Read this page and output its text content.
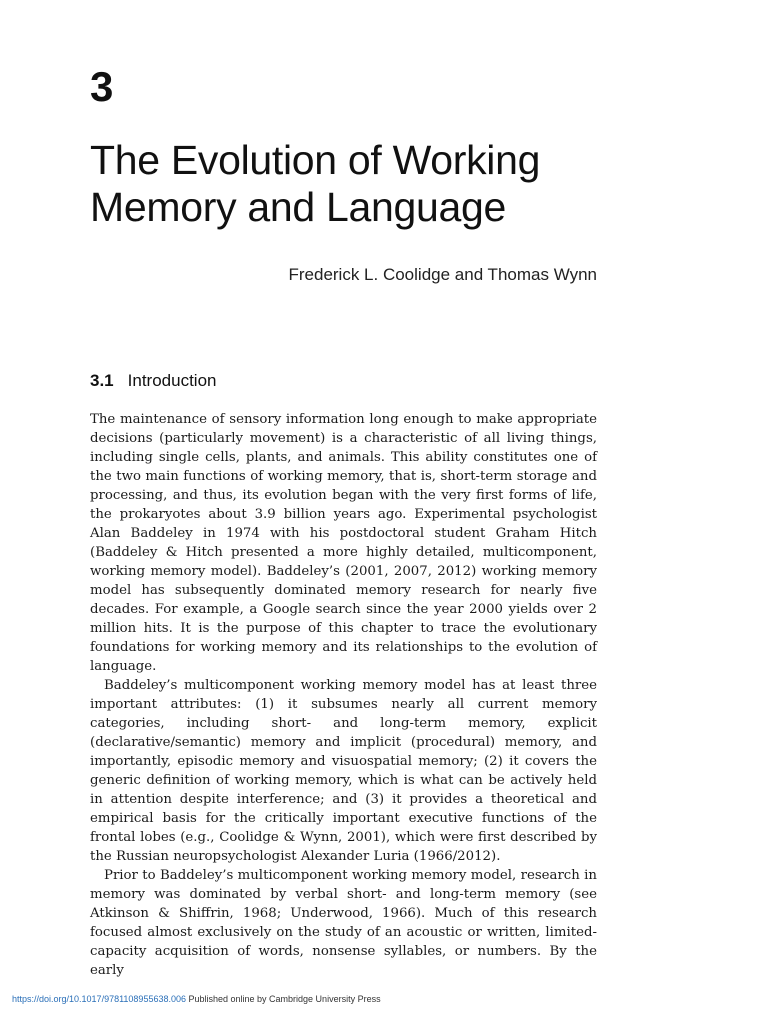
3
The Evolution of Working Memory and Language
Frederick L. Coolidge and Thomas Wynn
3.1 Introduction

The maintenance of sensory information long enough to make appropriate decisions (particularly movement) is a characteristic of all living things, including single cells, plants, and animals. This ability constitutes one of the two main functions of working memory, that is, short-term storage and processing, and thus, its evolution began with the very first forms of life, the prokaryotes about 3.9 billion years ago. Experimental psychologist Alan Baddeley in 1974 with his postdoctoral student Graham Hitch (Baddeley & Hitch presented a more highly detailed, multicomponent, working memory model). Baddeley’s (2001, 2007, 2012) working memory model has subsequently dominated memory research for nearly five decades. For example, a Google search since the year 2000 yields over 2 million hits. It is the purpose of this chapter to trace the evolutionary foundations for working memory and its relationships to the evolution of language.

Baddeley’s multicomponent working memory model has at least three important attributes: (1) it subsumes nearly all current memory categories, including short- and long-term memory, explicit (declarative/semantic) memory and implicit (procedural) memory, and importantly, episodic memory and visuospatial memory; (2) it covers the generic definition of working memory, which is what can be actively held in attention despite interference; and (3) it provides a theoretical and empirical basis for the critically important executive functions of the frontal lobes (e.g., Coolidge & Wynn, 2001), which were first described by the Russian neuropsychologist Alexander Luria (1966/2012).

Prior to Baddeley’s multicomponent working memory model, research in memory was dominated by verbal short- and long-term memory (see Atkinson & Shiffrin, 1968; Underwood, 1966). Much of this research focused almost exclusively on the study of an acoustic or written, limited-capacity acquisition of words, nonsense syllables, or numbers. By the early

https://doi.org/10.1017/9781108955638.006 Published online by Cambridge University Press
